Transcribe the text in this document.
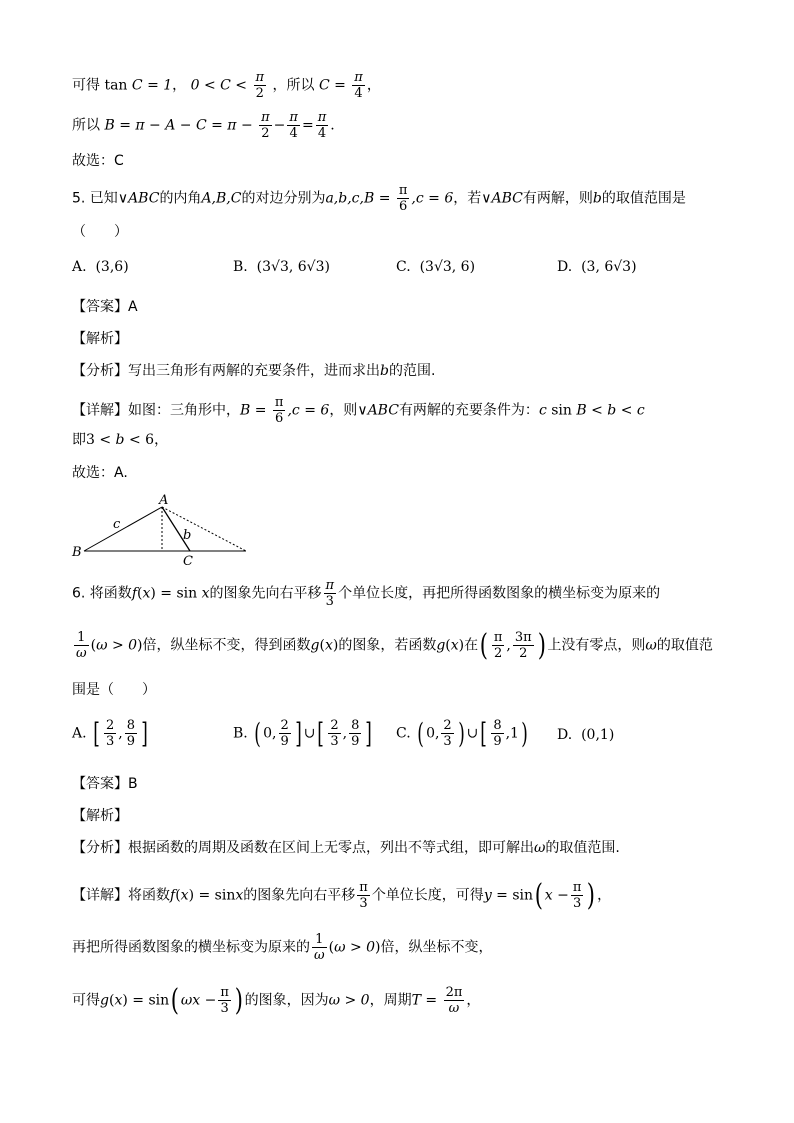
可得 tan C = 1， $0 < C < \frac{\pi}{2}$ ，所以 $C = \frac{\pi}{4}$ ，
所以 $B = \pi - A - C = \pi - \frac{\pi}{2} - \frac{\pi}{4} = \frac{\pi}{4}$ .
故选：C
5. 已知∨ABC的内角A,B,C的对边分别为$a,b,c,B = \frac{\pi}{6} ,c = 6$，若∨ABC有两解，则b的取值范围是
（　　）
A.  (3,6)	B.  (3√3, 6√3)	C.  (3√3, 6)	D.  (3, 6√3)
【答案】A
【解析】
【分析】写出三角形有两解的充要条件，进而求出b的范围.
【详解】如图：三角形中，$B = \frac{\pi}{6} ,c = 6$，则∨ABC有两解的充要条件为：c sin B < b < c
即3 < b < 6，
故选：A.
A
B
C
c
b
6. 将函数f(x) = sin x的图象先向右平移 $\frac{\pi}{3}$ 个单位长度，再把所得函数图象的横坐标变为原来的
$\frac{1}{\omega} (\omega > 0)$倍，纵坐标不变，得到函数g(x)的图象，若函数g(x)在( $\frac{\pi}{2}$ , $\frac{3\pi}{2}$ ) 上没有零点，则ω的取值范
围是（　　）
A. [ $\frac{2}{3}$ , $\frac{8}{9}$ ]	B. ( 0, $\frac{2}{9}$ ] ∪[ $\frac{2}{3}$ , $\frac{8}{9}$ ] C. ( 0, $\frac{2}{3}$ ) ∪[ $\frac{8}{9} ,1$) D.  (0,1)
【答案】B
【解析】
【分析】根据函数的周期及函数在区间上无零点，列出不等式组，即可解出ω的取值范围.
【详解】将函数f(x) = sinx的图象先向右平移 $\frac{\pi}{3}$ 个单位长度，可得y = sin( $x - \frac{\pi}{3}$ ) ，
再把所得函数图象的横坐标变为原来的 $\frac{1}{\omega} (\omega > 0)$倍，纵坐标不变，
可得g(x) = sin( $\omega x - \frac{\pi}{3}$ ) 的图象，因为ω > 0，周期$T = \frac{2\pi}{\omega}$ ，
